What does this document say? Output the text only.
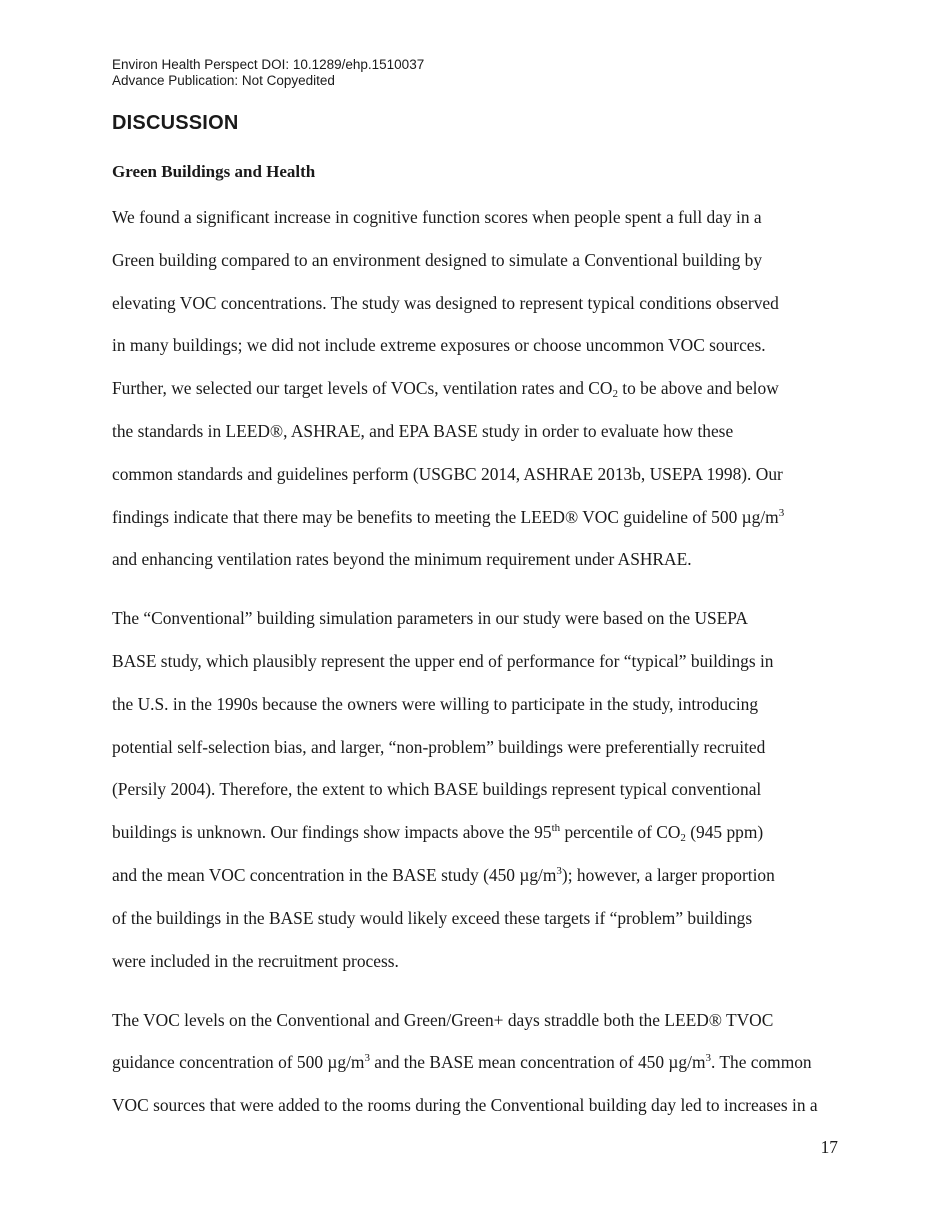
Environ Health Perspect DOI: 10.1289/ehp.1510037
Advance Publication: Not Copyedited
DISCUSSION
Green Buildings and Health

We found a significant increase in cognitive function scores when people spent a full day in a

Green building compared to an environment designed to simulate a Conventional building by

elevating VOC concentrations. The study was designed to represent typical conditions observed

in many buildings; we did not include extreme exposures or choose uncommon VOC sources.

Further, we selected our target levels of VOCs, ventilation rates and $CO_2$ to be above and below

the standards in LEED®, ASHRAE, and EPA BASE study in order to evaluate how these

common standards and guidelines perform (USGBC 2014, ASHRAE 2013b, USEPA 1998). Our

findings indicate that there may be benefits to meeting the LEED® VOC guideline of 500 $\mu g/m^3$

and enhancing ventilation rates beyond the minimum requirement under ASHRAE.

The “Conventional” building simulation parameters in our study were based on the USEPA

BASE study, which plausibly represent the upper end of performance for “typical” buildings in

the U.S. in the 1990s because the owners were willing to participate in the study, introducing

potential self-selection bias, and larger, “non-problem” buildings were preferentially recruited

(Persily 2004). Therefore, the extent to which BASE buildings represent typical conventional

buildings is unknown. Our findings show impacts above the 95th percentile of $CO_2$ (945 ppm)

and the mean VOC concentration in the BASE study (450 $\mu g/m^3$); however, a larger proportion

of the buildings in the BASE study would likely exceed these targets if “problem” buildings

were included in the recruitment process.

The VOC levels on the Conventional and Green/Green+ days straddle both the LEED® TVOC

guidance concentration of 500 $\mu g/m^3$ and the BASE mean concentration of 450 $\mu g/m^3$. The common

VOC sources that were added to the rooms during the Conventional building day led to increases in a

17
